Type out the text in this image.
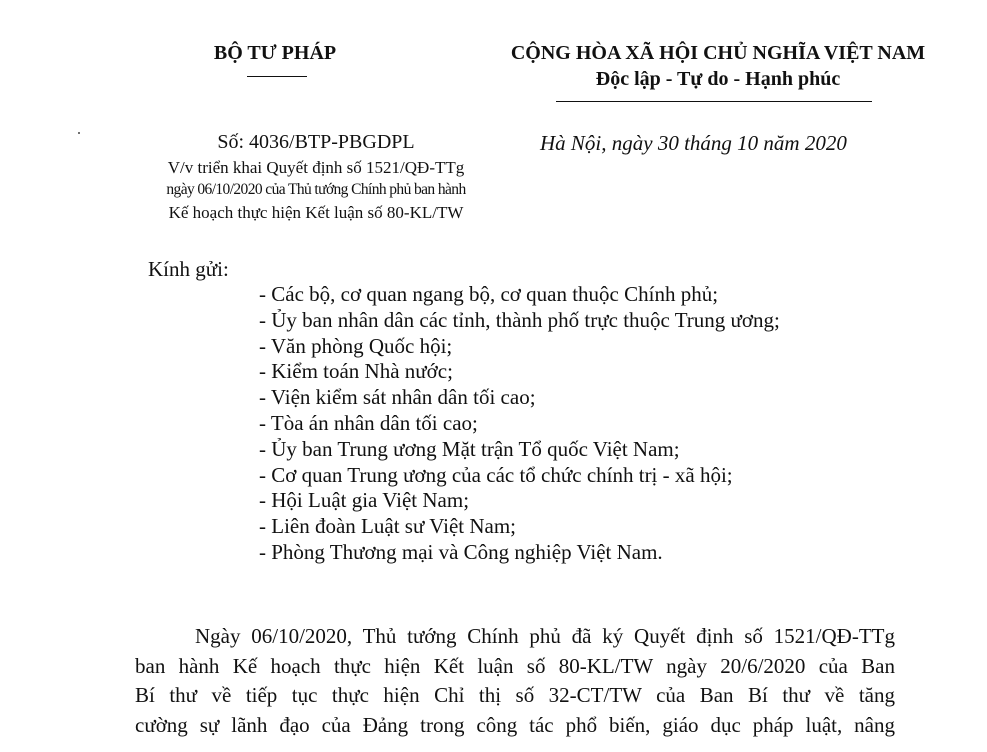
BỘ TƯ PHÁP	CỘNG HÒA XÃ HỘI CHỦ NGHĨA VIỆT NAM
Độc lập - Tự do - Hạnh phúc
Số: 4036/BTP-PBGDPL
V/v triển khai Quyết định số 1521/QĐ-TTg
ngày 06/10/2020 của Thủ tướng Chính phủ ban hành
Kế hoạch thực hiện Kết luận số 80-KL/TW
Hà Nội, ngày 30 tháng 10 năm 2020
Kính gửi:
- Các bộ, cơ quan ngang bộ, cơ quan thuộc Chính phủ;
- Ủy ban nhân dân các tỉnh, thành phố trực thuộc Trung ương;
- Văn phòng Quốc hội;
- Kiểm toán Nhà nước;
- Viện kiểm sát nhân dân tối cao;
- Tòa án nhân dân tối cao;
- Ủy ban Trung ương Mặt trận Tổ quốc Việt Nam;
- Cơ quan Trung ương của các tổ chức chính trị - xã hội;
- Hội Luật gia Việt Nam;
- Liên đoàn Luật sư Việt Nam;
- Phòng Thương mại và Công nghiệp Việt Nam.

Ngày 06/10/2020, Thủ tướng Chính phủ đã ký Quyết định số 1521/QĐ-TTg
ban hành Kế hoạch thực hiện Kết luận số 80-KL/TW ngày 20/6/2020 của Ban
Bí thư về tiếp tục thực hiện Chỉ thị số 32-CT/TW của Ban Bí thư về tăng
cường sự lãnh đạo của Đảng trong công tác phổ biến, giáo dục pháp luật, nâng
